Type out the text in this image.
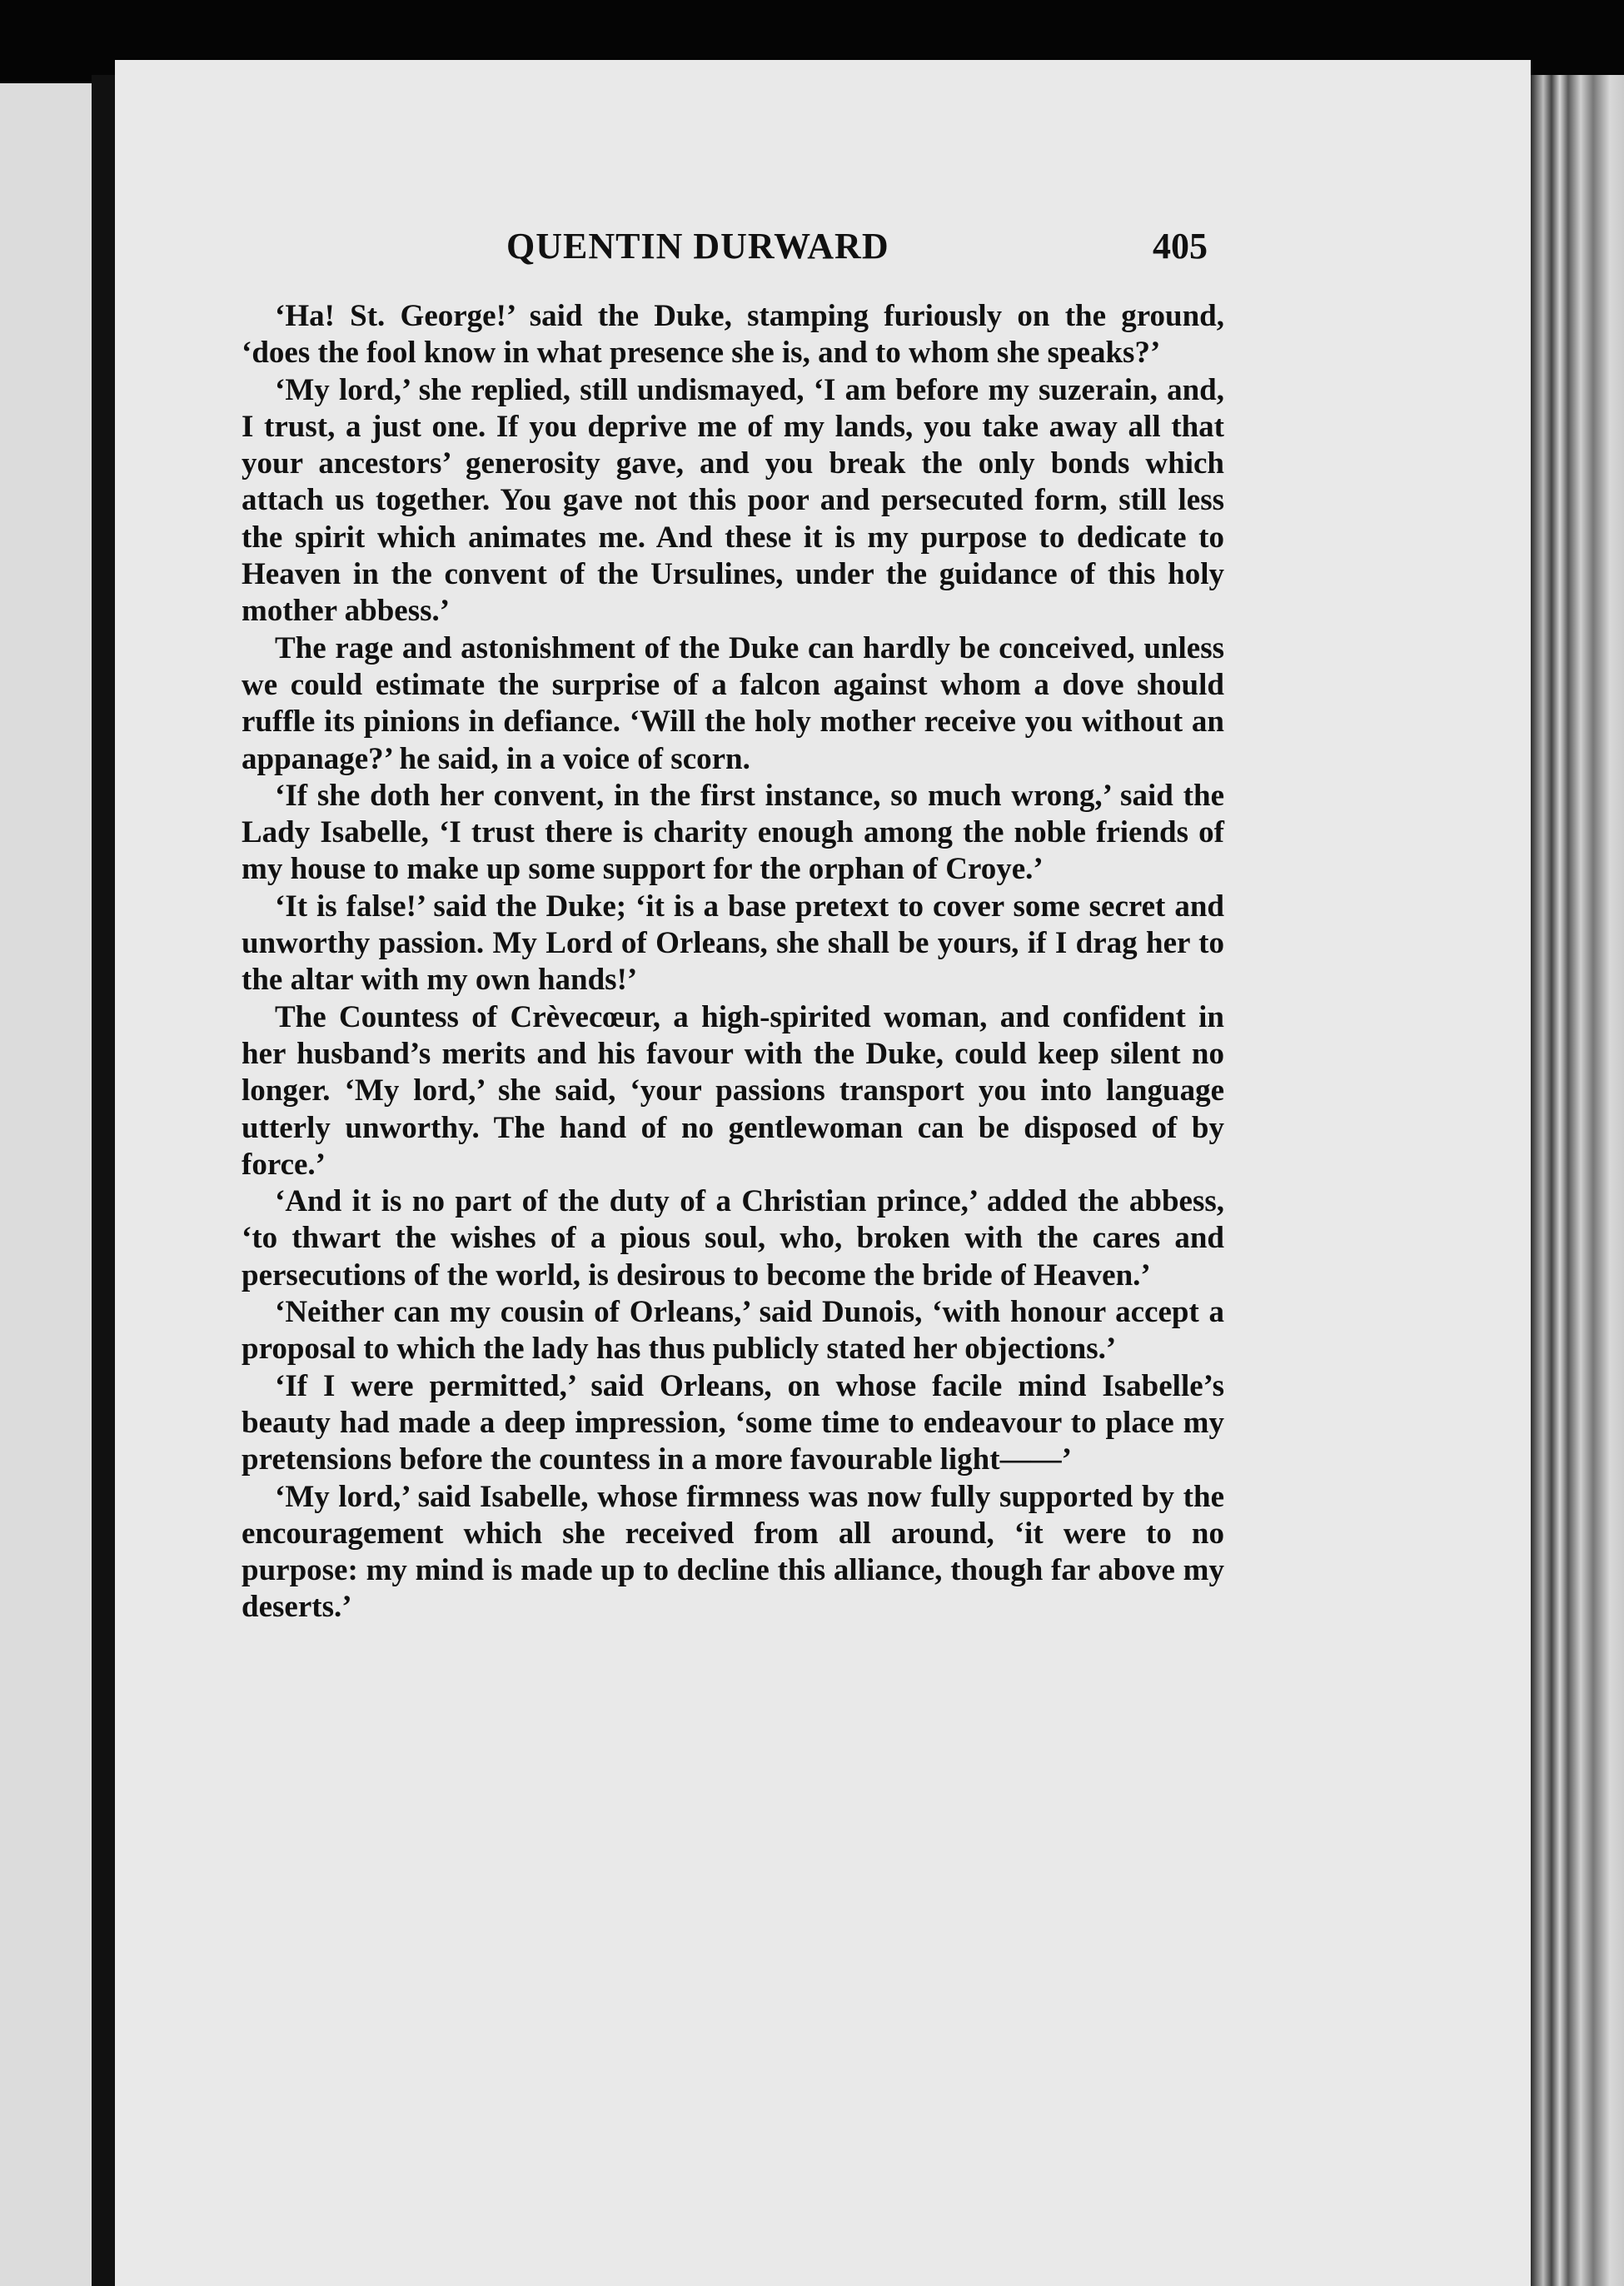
QUENTIN DURWARD	405

‘Ha! St. George!’ said the Duke, stamping furiously on the ground, ‘does the fool know in what presence she is, and to whom she speaks?’

‘My lord,’ she replied, still undismayed, ‘I am before my suzerain, and, I trust, a just one. If you deprive me of my lands, you take away all that your ancestors’ generosity gave, and you break the only bonds which attach us together. You gave not this poor and persecuted form, still less the spirit which animates me. And these it is my purpose to dedicate to Heaven in the convent of the Ursulines, under the guidance of this holy mother abbess.’

The rage and astonishment of the Duke can hardly be conceived, unless we could estimate the surprise of a falcon against whom a dove should ruffle its pinions in defiance. ‘Will the holy mother receive you without an appanage?’ he said, in a voice of scorn.

‘If she doth her convent, in the first instance, so much wrong,’ said the Lady Isabelle, ‘I trust there is charity enough among the noble friends of my house to make up some support for the orphan of Croye.’

‘It is false!’ said the Duke; ‘it is a base pretext to cover some secret and unworthy passion. My Lord of Orleans, she shall be yours, if I drag her to the altar with my own hands!’

The Countess of Crèvecœur, a high-spirited woman, and confident in her husband’s merits and his favour with the Duke, could keep silent no longer. ‘My lord,’ she said, ‘your passions transport you into language utterly unworthy. The hand of no gentlewoman can be disposed of by force.’

‘And it is no part of the duty of a Christian prince,’ added the abbess, ‘to thwart the wishes of a pious soul, who, broken with the cares and persecutions of the world, is desirous to become the bride of Heaven.’

‘Neither can my cousin of Orleans,’ said Dunois, ‘with honour accept a proposal to which the lady has thus publicly stated her objections.’

‘If I were permitted,’ said Orleans, on whose facile mind Isabelle’s beauty had made a deep impression, ‘some time to endeavour to place my pretensions before the countess in a more favourable light——’

‘My lord,’ said Isabelle, whose firmness was now fully supported by the encouragement which she received from all around, ‘it were to no purpose: my mind is made up to decline this alliance, though far above my deserts.’
